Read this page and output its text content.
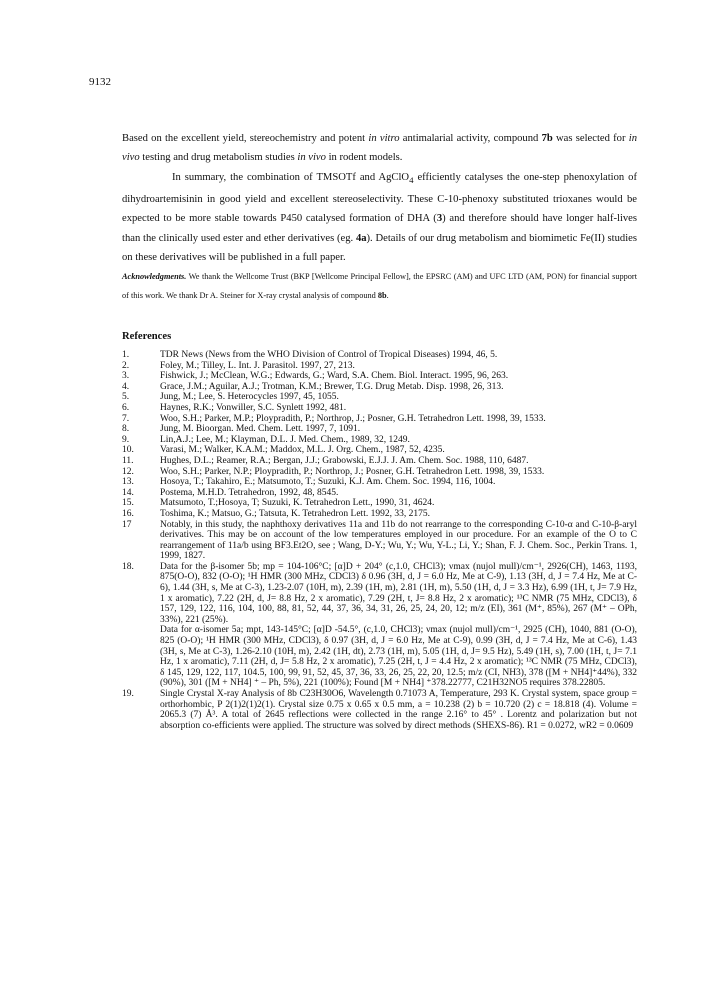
9132

Based on the excellent yield, stereochemistry and potent in vitro antimalarial activity, compound 7b was selected for in vivo testing and drug metabolism studies in vivo in rodent models.

In summary, the combination of TMSOTf and AgClO$_4$ efficiently catalyses the one-step phenoxylation of dihydroartemisinin in good yield and excellent stereoselectivity. These C-10-phenoxy substituted trioxanes would be expected to be more stable towards P450 catalysed formation of DHA (3) and therefore should have longer half-lives than the clinically used ester and ether derivatives (eg. 4a). Details of our drug metabolism and biomimetic Fe(II) studies on these derivatives will be published in a full paper.

Acknowledgments. We thank the Wellcome Trust (BKP [Wellcome Principal Fellow], the EPSRC (AM) and UFC LTD (AM, PON) for financial support of this work. We thank Dr A. Steiner for X-ray crystal analysis of compound 8b.

References
1.	TDR News (News from the WHO Division of Control of Tropical Diseases) 1994, 46, 5.
2.	Foley, M.; Tilley, L. Int. J. Parasitol. 1997, 27, 213.
3.	Fishwick, J.; McClean, W.G.; Edwards, G.; Ward, S.A. Chem. Biol. Interact. 1995, 96, 263.
4.	Grace, J.M.; Aguilar, A.J.; Trotman, K.M.; Brewer, T.G. Drug Metab. Disp. 1998, 26, 313.
5.	Jung, M.; Lee, S. Heterocycles 1997, 45, 1055.
6.	Haynes, R.K.; Vonwiller, S.C. Synlett 1992, 481.
7.	Woo, S.H.; Parker, M.P.; Ploypradith, P.; Northrop, J.; Posner, G.H. Tetrahedron Lett. 1998, 39, 1533.
8.	Jung, M. Bioorgan. Med. Chem. Lett. 1997, 7, 1091.
9.	Lin,A.J.; Lee, M.; Klayman, D.L. J. Med. Chem., 1989, 32, 1249.
10.	Varasi, M.; Walker, K.A.M.; Maddox, M.L. J. Org. Chem., 1987, 52, 4235.
11.	Hughes, D.L.; Reamer, R.A.; Bergan, J.J.; Grabowski, E.J.J. J. Am. Chem. Soc. 1988, 110, 6487.
12.	Woo, S.H.; Parker, N.P.; Ploypradith, P.; Northrop, J.; Posner, G.H. Tetrahedron Lett. 1998, 39, 1533.
13.	Hosoya, T.; Takahiro, E.; Matsumoto, T.; Suzuki, K.J. Am. Chem. Soc. 1994, 116, 1004.
14.	Postema, M.H.D. Tetrahedron, 1992, 48, 8545.
15.	Matsumoto, T.;Hosoya, T; Suzuki, K. Tetrahedron Lett., 1990, 31, 4624.
16.	Toshima, K.; Matsuo, G.; Tatsuta, K. Tetrahedron Lett. 1992, 33, 2175.
17	Notably, in this study, the naphthoxy derivatives 11a and 11b do not rearrange to the corresponding C-10-α and C-10-β-aryl derivatives. This may be on account of the low temperatures employed in our procedure. For an example of the O to C rearrangement of 11a/b using BF3.Et2O, see ; Wang, D-Y.; Wu, Y.; Wu, Y-L.; Li, Y.; Shan, F. J. Chem. Soc., Perkin Trans. 1, 1999, 1827.
18.	Data for the β-isomer 5b; mp = 104-106°C; [α]D + 204° (c,1.0, CHCl3); νmax (nujol mull)/cm⁻¹, 2926(CH), 1463, 1193, 875(O-O), 832 (O-O); ¹H HMR (300 MHz, CDCl3) δ 0.96 (3H, d, J = 6.0 Hz, Me at C-9), 1.13 (3H, d, J = 7.4 Hz, Me at C-6), 1.44 (3H, s, Me at C-3), 1.23-2.07 (10H, m), 2.39 (1H, m), 2.81 (1H, m), 5.50 (1H, d, J = 3.3 Hz), 6.99 (1H, t, J= 7.9 Hz, 1 x aromatic), 7.22 (2H, d, J= 8.8 Hz, 2 x aromatic), 7.29 (2H, t, J= 8.8 Hz, 2 x aromatic); ¹³C NMR (75 MHz, CDCl3), δ 157, 129, 122, 116, 104, 100, 88, 81, 52, 44, 37, 36, 34, 31, 26, 25, 24, 20, 12; m/z (EI), 361 (M⁺, 85%), 267 (M⁺ – OPh, 33%), 221 (25%).

Data for α-isomer 5a; mpt, 143-145°C; [α]D -54.5°, (c,1.0, CHCl3); νmax (nujol mull)/cm⁻¹, 2925 (CH), 1040, 881 (O-O), 825 (O-O); ¹H HMR (300 MHz, CDCl3), δ 0.97 (3H, d, J = 6.0 Hz, Me at C-9), 0.99 (3H, d, J = 7.4 Hz, Me at C-6), 1.43 (3H, s, Me at C-3), 1.26-2.10 (10H, m), 2.42 (1H, dt), 2.73 (1H, m), 5.05 (1H, d, J= 9.5 Hz), 5.49 (1H, s), 7.00 (1H, t, J= 7.1 Hz, 1 x aromatic), 7.11 (2H, d, J= 5.8 Hz, 2 x aromatic), 7.25 (2H, t, J = 4.4 Hz, 2 x aromatic); ¹³C NMR (75 MHz, CDCl3), δ 145, 129, 122, 117, 104.5, 100, 99, 91, 52, 45, 37, 36, 33, 26, 25, 22, 20, 12.5; m/z (CI, NH3), 378 ([M + NH4]⁺44%), 332 (90%), 301 ([M + NH4] ⁺ – Ph, 5%), 221 (100%); Found [M + NH4] ⁺378.22777, C21H32NO5 requires 378.22805.

19.	Single Crystal X-ray Analysis of 8b C23H30O6, Wavelength 0.71073 A, Temperature, 293 K. Crystal system, space group = orthorhombic, P 2(1)2(1)2(1). Crystal size 0.75 x 0.65 x 0.5 mm, a = 10.238 (2) b = 10.720 (2) c = 18.818 (4). Volume = 2065.3 (7) Å³. A total of 2645 reflections were collected in the range 2.16° to 45° . Lorentz and polarization but not absorption co-efficients were applied. The structure was solved by direct methods (SHEXS-86). R1 = 0.0272, wR2 = 0.0609
